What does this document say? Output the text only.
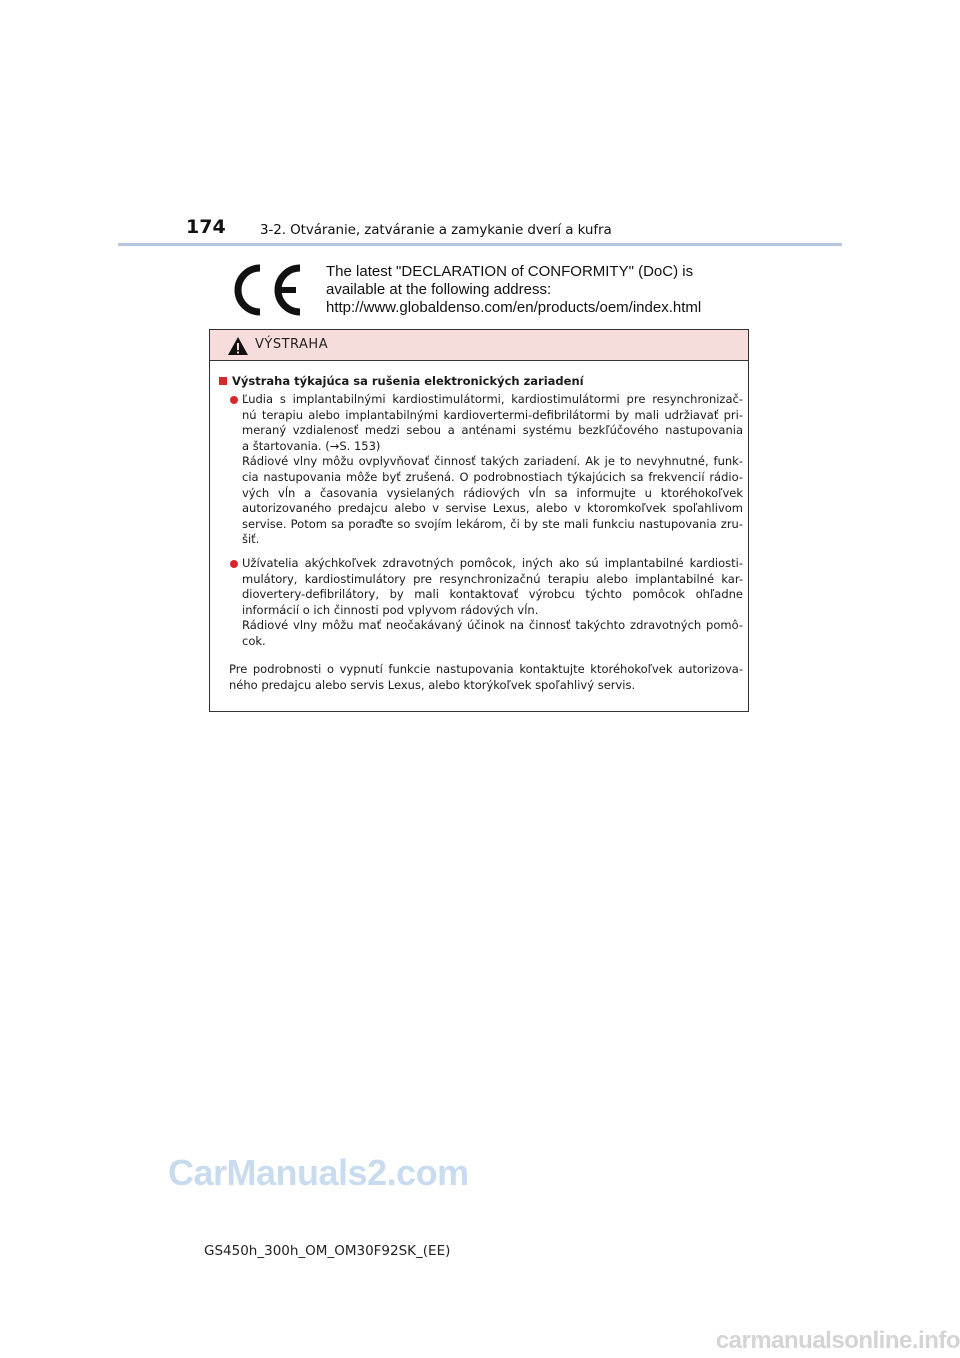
174	3-2. Otváranie, zatváranie a zamykanie dverí a kufra
The latest "DECLARATION of CONFORMITY" (DoC) is
available at the following address:
http://www.globaldenso.com/en/products/oem/index.html
VÝSTRAHA
Výstraha týkajúca sa rušenia elektronických zariadení
Ľudia s implantabilnými kardiostimulátormi, kardiostimulátormi pre resynchronizač-
nú terapiu alebo implantabilnými kardiovertermi-defibrilátormi by mali udržiavať pri-
meraný vzdialenosť medzi sebou a anténami systému bezkľúčového nastupovania
a štartovania. (→S. 153)
Rádiové vlny môžu ovplyvňovať činnosť takých zariadení. Ak je to nevyhnutné, funk-
cia nastupovania môže byť zrušená. O podrobnostiach týkajúcich sa frekvencií rádio-
vých vĺn a časovania vysielaných rádiových vĺn sa informujte u ktoréhokoľvek
autorizovaného predajcu alebo v servise Lexus, alebo v ktoromkoľvek spoľahlivom
servise. Potom sa poraďte so svojím lekárom, či by ste mali funkciu nastupovania zru-
šiť.
Užívatelia akýchkoľvek zdravotných pomôcok, iných ako sú implantabilné kardiosti-
mulátory, kardiostimulátory pre resynchronizačnú terapiu alebo implantabilné kar-
diovertery-defibrilátory, by mali kontaktovať výrobcu týchto pomôcok ohľadne
informácií o ich činnosti pod vplyvom rádových vĺn.
Rádiové vlny môžu mať neočakávaný účinok na činnosť takýchto zdravotných pomô-
cok.
Pre podrobnosti o vypnutí funkcie nastupovania kontaktujte ktoréhokoľvek autorizova-
ného predajcu alebo servis Lexus, alebo ktorýkoľvek spoľahlivý servis.
CarManuals2.com
GS450h_300h_OM_OM30F92SK_(EE)
carmanualsonline.info
